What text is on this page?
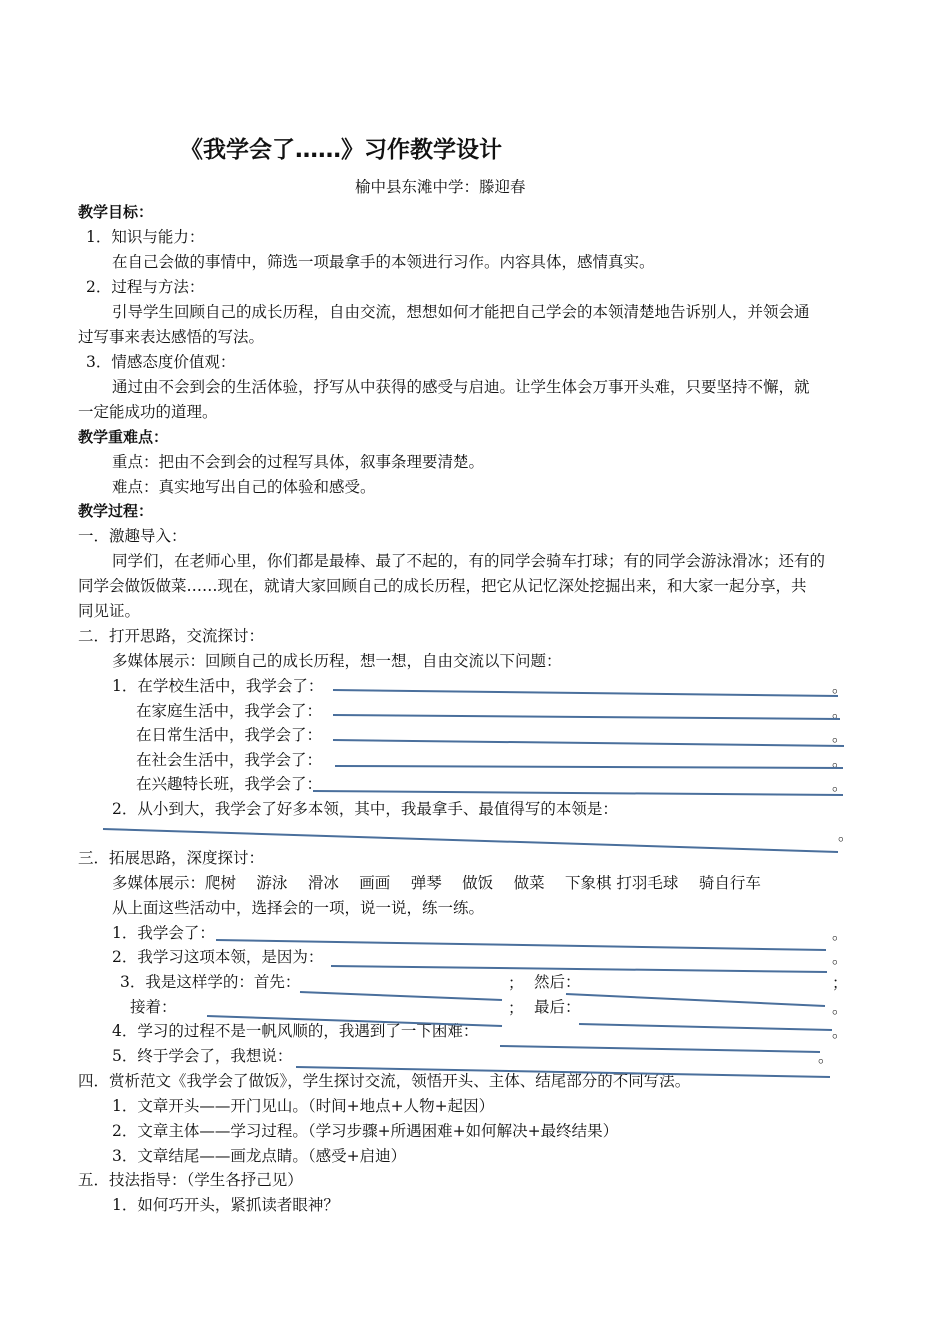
《我学会了……》习作教学设计
榆中县东滩中学：滕迎春
教学目标：
1．知识与能力：
在自己会做的事情中，筛选一项最拿手的本领进行习作。内容具体，感情真实。
2．过程与方法：
引导学生回顾自己的成长历程，自由交流，想想如何才能把自己学会的本领清楚地告诉别人，并领会通
过写事来表达感悟的写法。
3．情感态度价值观：
通过由不会到会的生活体验，抒写从中获得的感受与启迪。让学生体会万事开头难，只要坚持不懈，就
一定能成功的道理。
教学重难点：
重点：把由不会到会的过程写具体，叙事条理要清楚。
难点：真实地写出自己的体验和感受。
教学过程：
一．激趣导入：
同学们，在老师心里，你们都是最棒、最了不起的，有的同学会骑车打球；有的同学会游泳滑冰；还有的
同学会做饭做菜……现在，就请大家回顾自己的成长历程，把它从记忆深处挖掘出来，和大家一起分享，共
同见证。
二．打开思路，交流探讨：
多媒体展示：回顾自己的成长历程，想一想，自由交流以下问题：
1．在学校生活中，我学会了：	。
在家庭生活中，我学会了：	。
在日常生活中，我学会了：	。
在社会生活中，我学会了：	。
在兴趣特长班，我学会了：	。
2．从小到大，我学会了好多本领，其中，我最拿手、最值得写的本领是：
。
三．拓展思路，深度探讨：
多媒体展示：爬树　 游泳　 滑冰　 画画　 弹琴　 做饭　 做菜　 下象棋 打羽毛球　 骑自行车
从上面这些活动中，选择会的一项，说一说，练一练。
1．我学会了：	。
2．我学习这项本领，是因为：	。
3．我是这样学的：首先：	； 然后：	；
接着：	； 最后：	。
4．学习的过程不是一帆风顺的，我遇到了一下困难：	。
5．终于学会了，我想说：	。
四．赏析范文《我学会了做饭》，学生探讨交流，领悟开头、主体、结尾部分的不同写法。
1．文章开头——开门见山。（时间+地点+人物+起因）
2．文章主体——学习过程。（学习步骤+所遇困难+如何解决+最终结果）
3．文章结尾——画龙点睛。（感受+启迪）
五．技法指导：（学生各抒己见）
1．如何巧开头，紧抓读者眼神？
